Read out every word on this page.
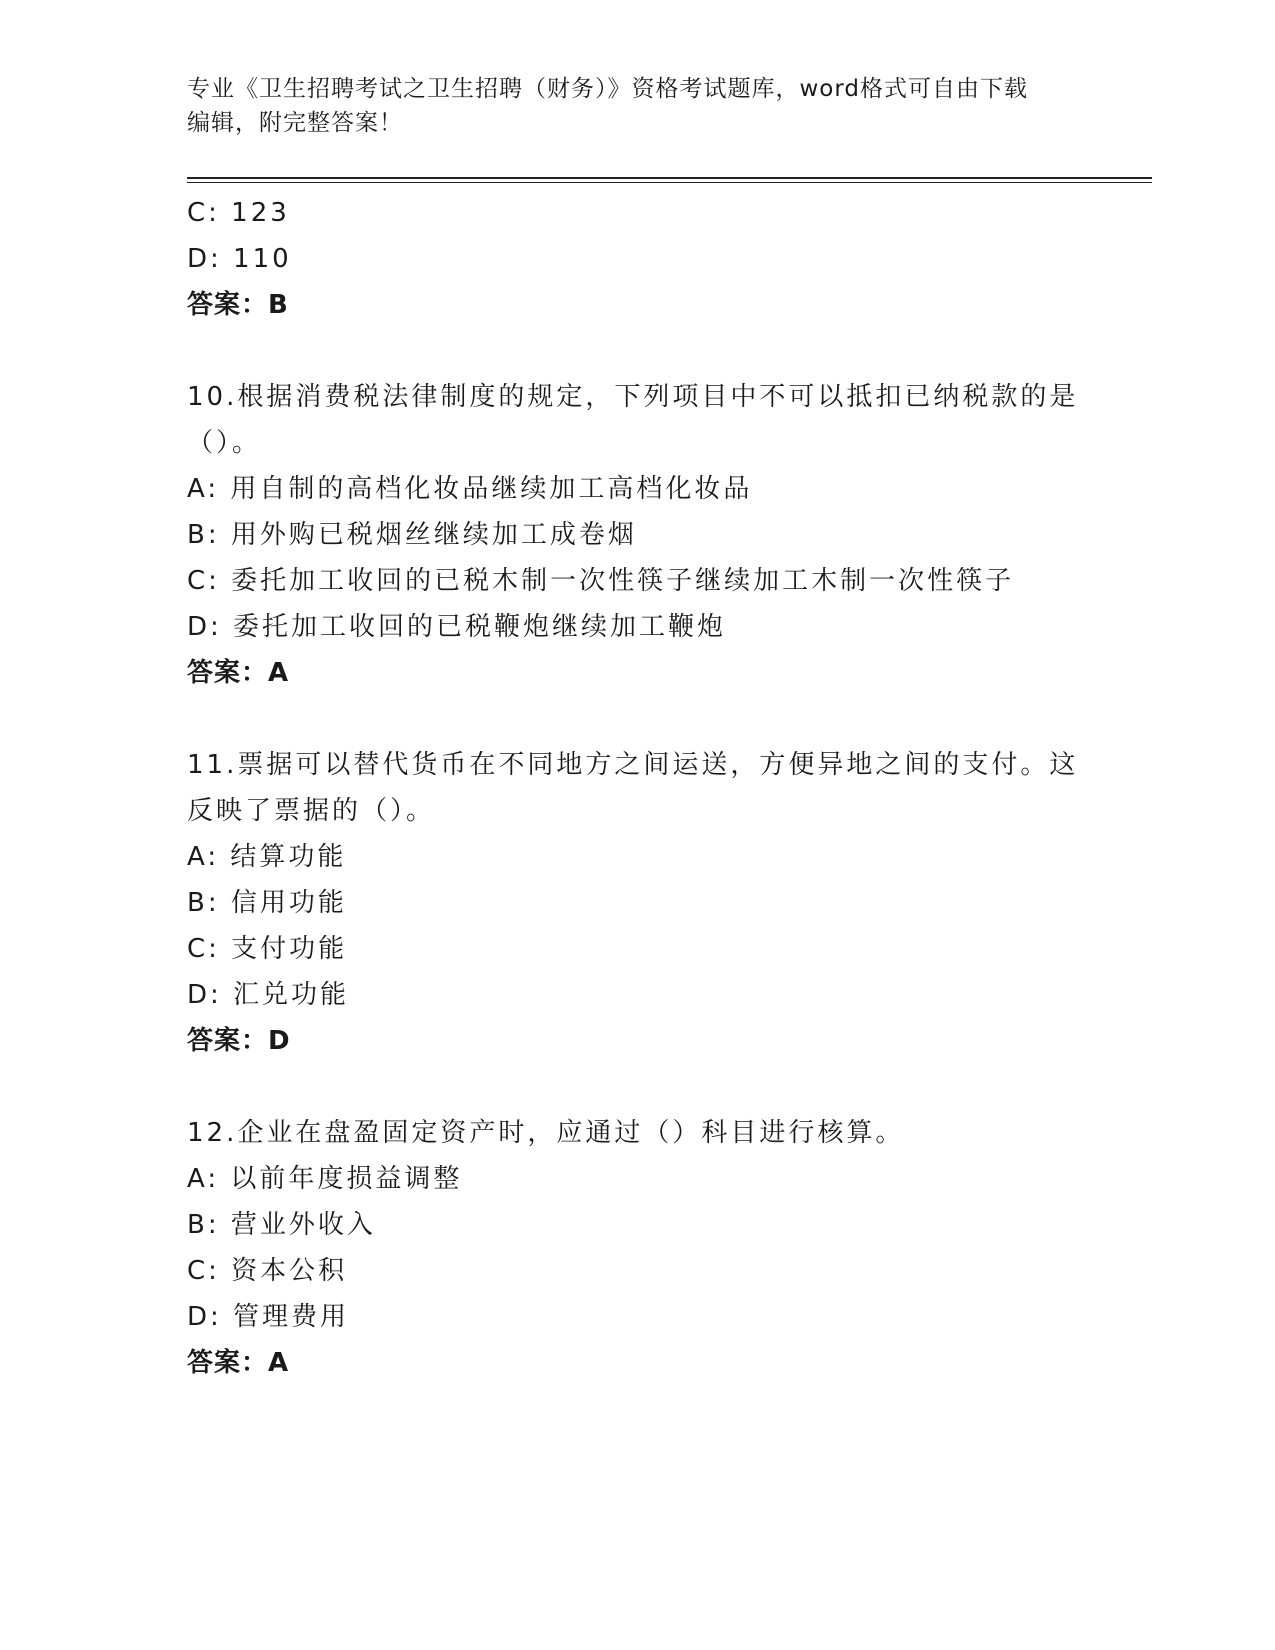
专业《卫生招聘考试之卫生招聘（财务）》资格考试题库，word格式可自由下载
编辑，附完整答案！
C: 123
D: 110
答案：B
10.根据消费税法律制度的规定，下列项目中不可以抵扣已纳税款的是
（）。
A: 用自制的高档化妆品继续加工高档化妆品
B: 用外购已税烟丝继续加工成卷烟
C: 委托加工收回的已税木制一次性筷子继续加工木制一次性筷子
D: 委托加工收回的已税鞭炮继续加工鞭炮
答案：A
11.票据可以替代货币在不同地方之间运送，方便异地之间的支付。这
反映了票据的（）。
A: 结算功能
B: 信用功能
C: 支付功能
D: 汇兑功能
答案：D
12.企业在盘盈固定资产时，应通过（）科目进行核算。
A: 以前年度损益调整
B: 营业外收入
C: 资本公积
D: 管理费用
答案：A
